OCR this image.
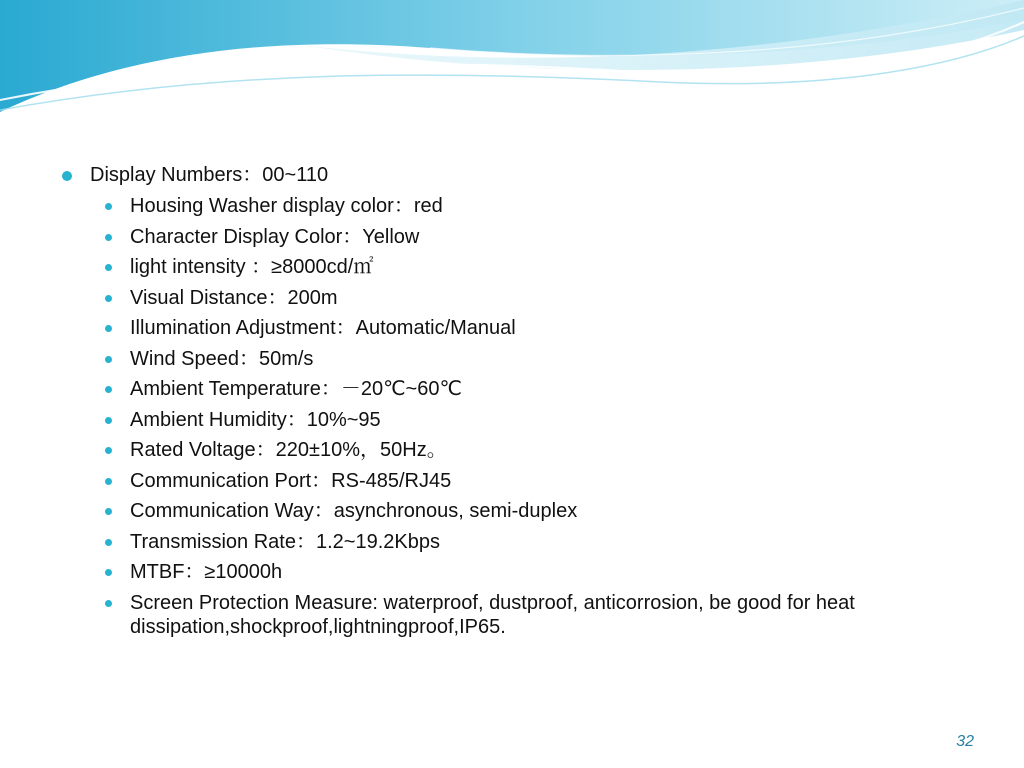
Display Numbers：00~110
Housing Washer display color：red
Character Display Color：Yellow
light intensity ：≥8000cd/㎡
Visual Distance：200m
Illumination Adjustment：Automatic/Manual
Wind Speed：50m/s
Ambient Temperature：－20℃~60℃
Ambient Humidity：10%~95
Rated Voltage：220±10%，50Hz。
Communication Port：RS-485/RJ45
Communication Way：asynchronous, semi-duplex
Transmission Rate：1.2~19.2Kbps
MTBF：≥10000h
Screen Protection Measure: waterproof, dustproof, anticorrosion, be good for heat dissipation,shockproof,lightningproof,IP65.
32
